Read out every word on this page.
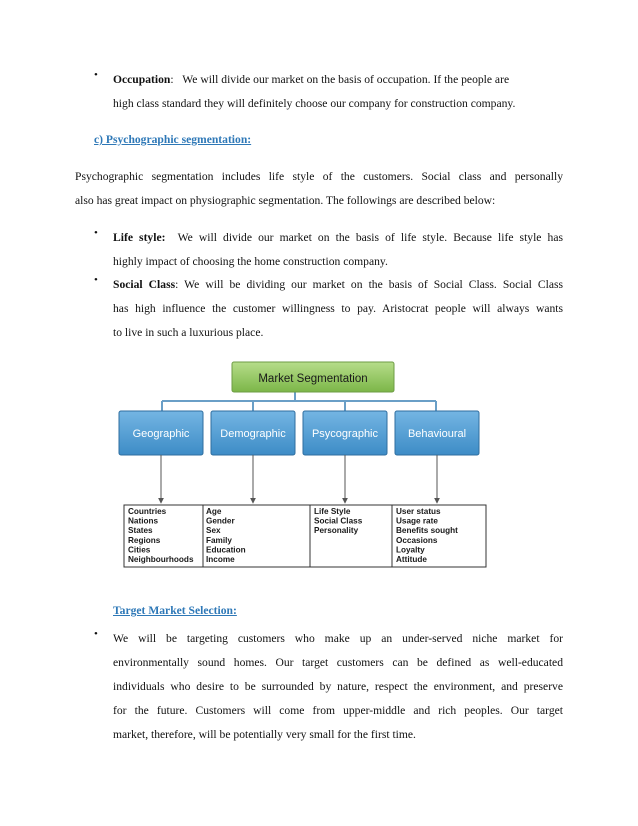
• Occupation: We will divide our market on the basis of occupation. If the people are
high class standard they will definitely choose our company for construction company.
c) Psychographic segmentation:
Psychographic segmentation includes life style of the customers. Social class and personally
also has great impact on physiographic segmentation. The followings are described below:
• Life style: We will divide our market on the basis of life style. Because life style has
highly impact of choosing the home construction company.
• Social Class: We will be dividing our market on the basis of Social Class. Social Class
has high influence the customer willingness to pay. Aristocrat people will always wants
to live in such a luxurious place.
Market Segmentation
Geographic	Demographic Psycographic	Behavioural
Countries
Nations
States
Regions
Cities
Neighbourhoods
Age
Gender
Sex
Family
Education
Income
Life Style
Social Class
Personality
User status
Usage rate
Benefits sought
Occasions
Loyalty
Attitude
Target Market Selection:
• We will be targeting customers who make up an under-served niche market for
environmentally sound homes. Our target customers can be defined as well-educated
individuals who desire to be surrounded by nature, respect the environment, and preserve
for the future. Customers will come from upper-middle and rich peoples. Our target
market, therefore, will be potentially very small for the first time.
